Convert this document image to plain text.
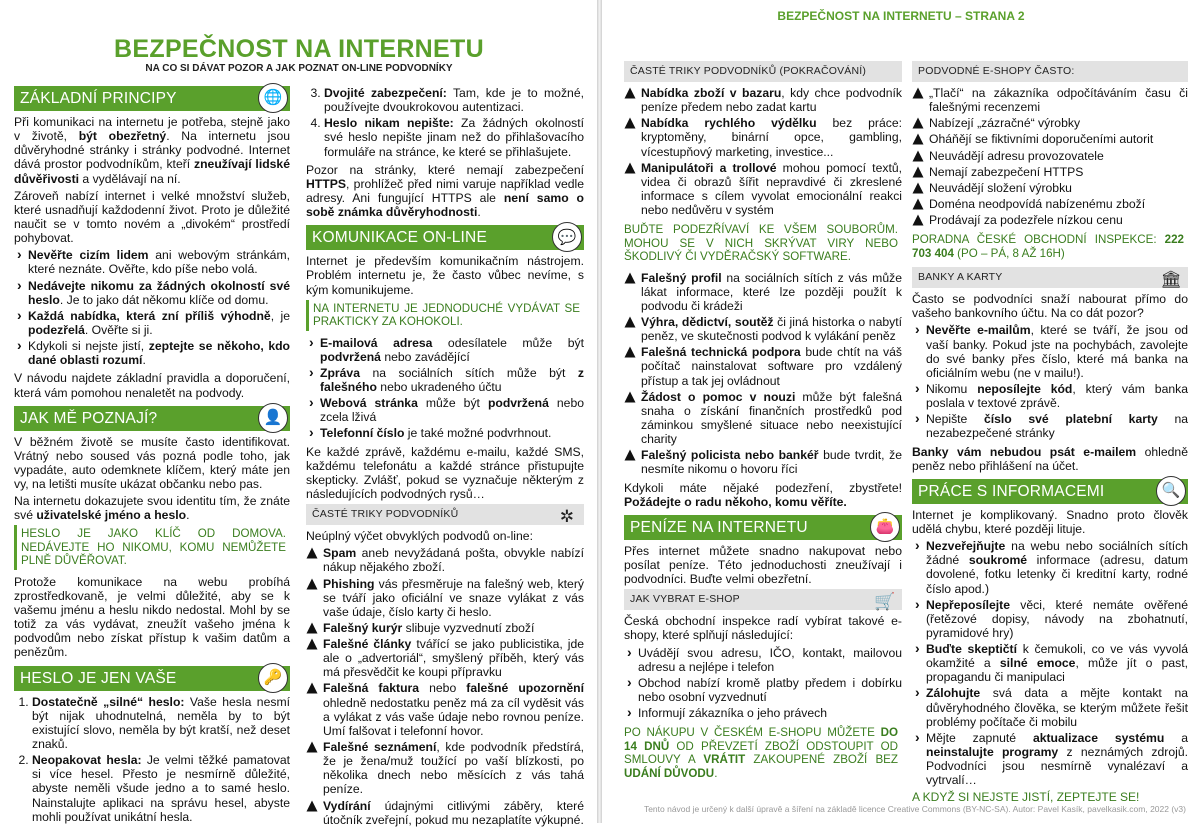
BEZPEČNOST NA INTERNETU
NA CO SI DÁVAT POZOR A JAK POZNAT ON-LINE PODVODNÍKY
ZÁKLADNÍ PRINCIPY	🌐

Při komunikaci na internetu je potřeba, stejně jako v životě, být obezřetný. Na internetu jsou důvěryhodné stránky i stránky podvodné. Internet dává prostor podvodníkům, kteří zneužívají lidské důvěřivosti a vydělávají na ní.

Zároveň nabízí internet i velké množství služeb, které usnadňují každodenní život. Proto je důležité naučit se v tomto novém a „divokém“ prostředí pohybovat.

› Nevěřte cizím lidem ani webovým stránkám, které neznáte. Ověřte, kdo píše nebo volá.
› Nedávejte nikomu za žádných okolností své heslo. Je to jako dát někomu klíče od domu.
› Každá nabídka, která zní příliš výhodně, je podezřelá. Ověřte si ji.
› Kdykoli si nejste jistí, zeptejte se někoho, kdo dané oblasti rozumí.

V návodu najdete základní pravidla a doporučení, která vám pomohou nenaletět na podvody.

JAK MĚ POZNAJÍ?	👤

V běžném životě se musíte často identifikovat. Vrátný nebo soused vás pozná podle toho, jak vypadáte, auto odemknete klíčem, který máte jen vy, na letišti musíte ukázat občanku nebo pas.

Na internetu dokazujete svou identitu tím, že znáte své uživatelské jméno a heslo.

HESLO JE JAKO KLÍČ OD DOMOVA. NEDÁVEJTE HO NIKOMU, KOMU NEMŮŽETE PLNĚ DŮVĚŘOVAT.

Protože komunikace na webu probíhá zprostředkovaně, je velmi důležité, aby se k vašemu jménu a heslu nikdo nedostal. Mohl by se totiž za vás vydávat, zneužít vašeho jména k podvodům nebo získat přístup k vašim datům a penězům.

HESLO JE JEN VAŠE	🔑
1. Dostatečně „silné“ heslo: Vaše hesla nesmí být nijak uhodnutelná, neměla by to být existující slovo, neměla by být kratší, než deset znaků.
2. Neopakovat hesla: Je velmi těžké pamatovat si více hesel. Přesto je nesmírně důležité, abyste neměli všude jedno a to samé heslo. Nainstalujte aplikaci na správu hesel, abyste mohli používat unikátní hesla.
3. Dvojité zabezpečení: Tam, kde je to možné, používejte dvoukrokovou autentizaci.
4. Heslo nikam nepište: Za žádných okolností své heslo nepište jinam než do přihlašovacího formuláře na stránce, ke které se přihlašujete.

Pozor na stránky, které nemají zabezpečení HTTPS, prohlížeč před nimi varuje například vedle adresy. Ani fungující HTTPS ale není samo o sobě známka důvěryhodnosti.

KOMUNIKACE ON-LINE	💬

Internet je především komunikačním nástrojem. Problém internetu je, že často vůbec nevíme, s kým komunikujeme.

NA INTERNETU JE JEDNODUCHÉ VYDÁVAT SE PRAKTICKY ZA KOHOKOLI.
› E-mailová adresa odesílatele může být podvržená nebo zavádějící
› Zpráva na sociálních sítích může být z falešného nebo ukradeného účtu
› Webová stránka může být podvržená nebo zcela lživá
› Telefonní číslo je také možné podvrhnout.

Ke každé zprávě, každému e-mailu, každé SMS, každému telefonátu a každé stránce přistupujte skepticky. Zvlášť, pokud se vyznačuje některým z následujících podvodných rysů…

ČASTÉ TRIKY PODVODNÍKŮ	✲

Neúplný výčet obvyklých podvodů on-line:

Spam aneb nevyžádaná pošta, obvykle nabízí nákup nějakého zboží.
Phishing vás přesměruje na falešný web, který se tváří jako oficiální ve snaze vylákat z vás vaše údaje, číslo karty či heslo.
Falešný kurýr slibuje vyzvednutí zboží
Falešné články tvářící se jako publicistika, jde ale o „advertoriál“, smyšlený příběh, který vás má přesvědčit ke koupi přípravku
Falešná faktura nebo falešné upozornění ohledně nedostatku peněz má za cíl vyděsit vás a vylákat z vás vaše údaje nebo rovnou peníze. Umí falšovat i telefonní hovor.
Falešné seznámení, kde podvodník předstírá, že je žena/muž toužící po vaší blízkosti, po několika dnech nebo měsících z vás tahá peníze.
Vydírání údajnými citlivými záběry, které útočník zveřejní, pokud mu nezaplatíte výkupné.
BEZPEČNOST NA INTERNETU – STRANA 2
ČASTÉ TRIKY PODVODNÍKŮ (POKRAČOVÁNÍ)
Nabídka zboží v bazaru, kdy chce podvodník peníze předem nebo zadat kartu
Nabídka rychlého výdělku bez práce: kryptoměny, binární opce, gambling, vícestupňový marketing, investice...
Manipulátoři a trollové mohou pomocí textů, videa či obrazů šířit nepravdivé či zkreslené informace s cílem vyvolat emocionální reakci nebo nedůvěru v systém
BUĎTE PODEZŘÍVAVÍ KE VŠEM SOUBORŮM. MOHOU SE V NICH SKRÝVAT VIRY NEBO ŠKODLIVÝ ČI VYDĚRAČSKÝ SOFTWARE.
Falešný profil na sociálních sítích z vás může lákat informace, které lze později použít k podvodu či krádeži
Výhra, dědictví, soutěž či jiná historka o nabytí peněz, ve skutečnosti podvod k vylákání peněz
Falešná technická podpora bude chtít na váš počítač nainstalovat software pro vzdálený přístup a tak jej ovládnout
Žádost o pomoc v nouzi může být falešná snaha o získání finančních prostředků pod záminkou smyšlené situace nebo neexistující charity
Falešný policista nebo bankéř bude tvrdit, že nesmíte nikomu o hovoru říci

Kdykoli máte nějaké podezření, zbystřete! Požádejte o radu někoho, komu věříte.

PENÍZE NA INTERNETU	👛

Přes internet můžete snadno nakupovat nebo posílat peníze. Této jednoduchosti zneužívají i podvodníci. Buďte velmi obezřetní.

JAK VYBRAT E-SHOP	🛒

Česká obchodní inspekce radí vybírat takové e-shopy, které splňují následující:

› Uvádějí svou adresu, IČO, kontakt, mailovou adresu a nejlépe i telefon
› Obchod nabízí kromě platby předem i dobírku nebo osobní vyzvednutí
› Informují zákazníka o jeho právech
PO NÁKUPU V ČESKÉM E-SHOPU MŮŽETE DO 14 DNŮ OD PŘEVZETÍ ZBOŽÍ ODSTOUPIT OD SMLOUVY A VRÁTIT ZAKOUPENÉ ZBOŽÍ BEZ UDÁNÍ DŮVODU.
PODVODNÉ E-SHOPY ČASTO:
„Tlačí“ na zákazníka odpočítáváním času či falešnými recenzemi
Nabízejí „zázračné“ výrobky
Oháňějí se fiktivními doporučeními autorit
Neuvádějí adresu provozovatele
Nemají zabezpečení HTTPS
Neuvádějí složení výrobku
Doména neodpovídá nabízenému zboží
Prodávají za podezřele nízkou cenu
PORADNA ČESKÉ OBCHODNÍ INSPEKCE: 222 703 404 (PO – PÁ, 8 AŽ 16H)
BANKY A KARTY	🏛

Často se podvodníci snaží nabourat přímo do vašeho bankovního účtu. Na co dát pozor?

› Nevěřte e-mailům, které se tváří, že jsou od vaší banky. Pokud jste na pochybách, zavolejte do své banky přes číslo, které má banka na oficiálním webu (ne v mailu!).
› Nikomu neposílejte kód, který vám banka poslala v textové zprávě.
› Nepište číslo své platební karty na nezabezpečené stránky

Banky vám nebudou psát e-mailem ohledně peněz nebo přihlášení na účet.

PRÁCE S INFORMACEMI	🔍

Internet je komplikovaný. Snadno proto člověk udělá chybu, které později lituje.

› Nezveřejňujte na webu nebo sociálních sítích žádné soukromé informace (adresu, datum dovolené, fotku letenky či kreditní karty, rodné číslo apod.)
› Nepřeposílejte věci, které nemáte ověřené (řetězové dopisy, návody na zbohatnutí, pyramidové hry)
› Buďte skeptičtí k čemukoli, co ve vás vyvolá okamžité a silné emoce, může jít o past, propagandu či manipulaci
› Zálohujte svá data a mějte kontakt na důvěryhodného člověka, se kterým můžete řešit problémy počítače či mobilu
› Mějte zapnuté aktualizace systému a neinstalujte programy z neznámých zdrojů. Podvodníci jsou nesmírně vynalézaví a vytrvalí…
A KDYŽ SI NEJSTE JISTÍ, ZEPTEJTE SE!
Tento návod je určený k další úpravě a šíření na základě licence Creative Commons (BY-NC-SA). Autor: Pavel Kasík, pavelkasik.com, 2022 (v3)
